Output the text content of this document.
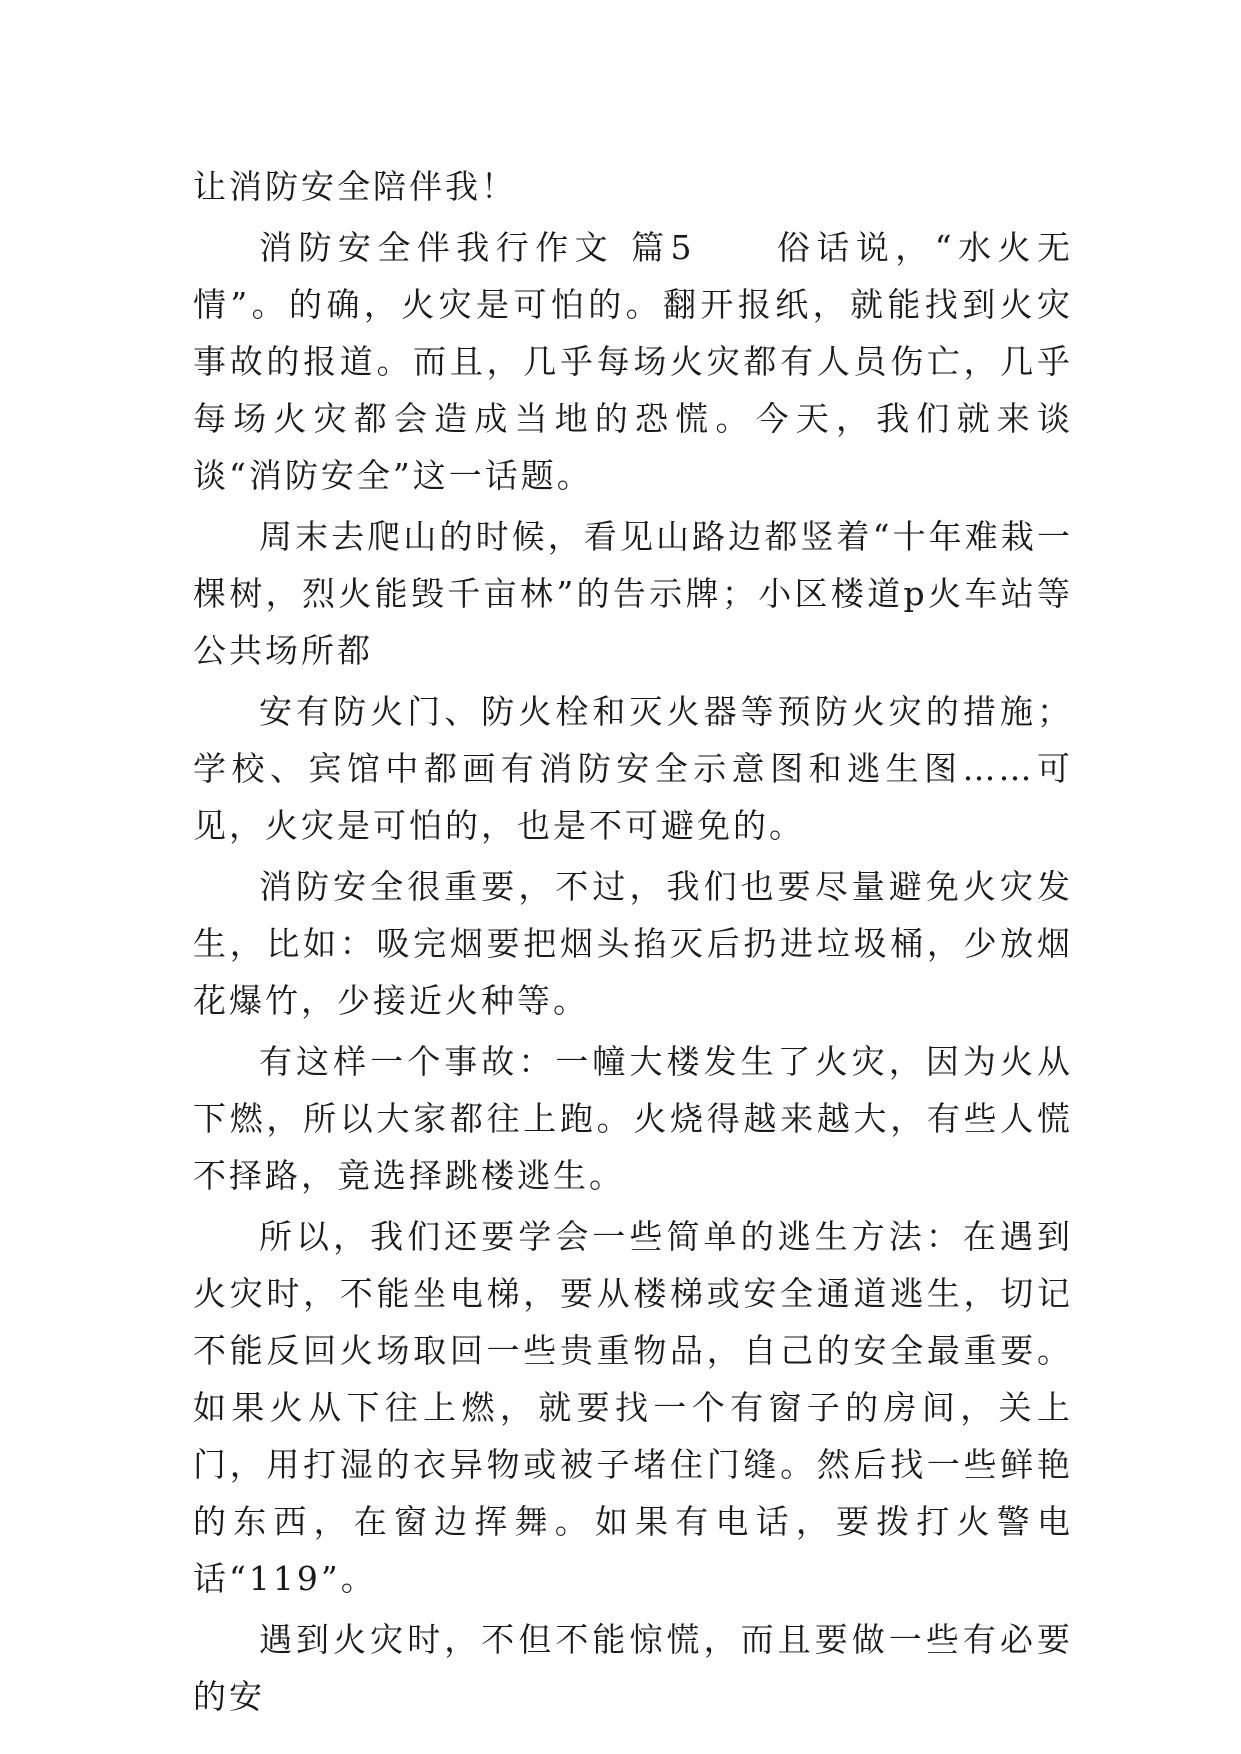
让消防安全陪伴我！

消防安全伴我行作文 篇5　　俗话说，“水火无情”。的确，火灾是可怕的。翻开报纸，就能找到火灾事故的报道。而且，几乎每场火灾都有人员伤亡，几乎每场火灾都会造成当地的恐慌。今天，我们就来谈谈“消防安全”这一话题。

周末去爬山的时候，看见山路边都竖着“十年难栽一棵树，烈火能毁千亩林”的告示牌；小区楼道p火车站等公共场所都

安有防火门、防火栓和灭火器等预防火灾的措施；学校、宾馆中都画有消防安全示意图和逃生图……可见，火灾是可怕的，也是不可避免的。

消防安全很重要，不过，我们也要尽量避免火灾发生，比如：吸完烟要把烟头掐灭后扔进垃圾桶，少放烟花爆竹，少接近火种等。

有这样一个事故：一幢大楼发生了火灾，因为火从下燃，所以大家都往上跑。火烧得越来越大，有些人慌不择路，竟选择跳楼逃生。

所以，我们还要学会一些简单的逃生方法：在遇到火灾时，不能坐电梯，要从楼梯或安全通道逃生，切记不能反回火场取回一些贵重物品，自己的安全最重要。如果火从下往上燃，就要找一个有窗子的房间，关上门，用打湿的衣异物或被子堵住门缝。然后找一些鲜艳的东西，在窗边挥舞。如果有电话，要拨打火警电话“119”。

遇到火灾时，不但不能惊慌，而且要做一些有必要的安
